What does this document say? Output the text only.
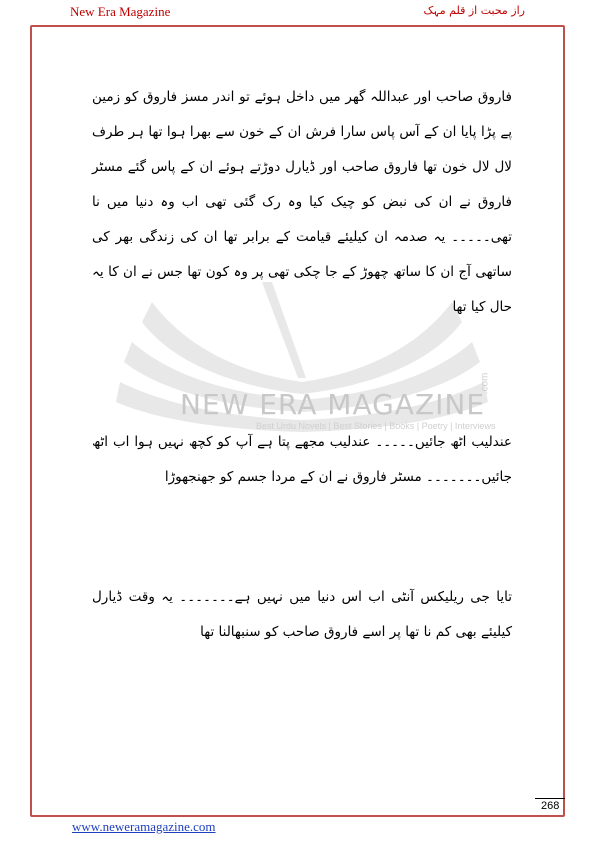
New Era Magazine	راز محبت از قلم مہک
NEW ERA MAGAZINE
Best Urdu Novels | Best Stories | Books | Poetry | Interviews
.com
فاروق صاحب اور عبداللہ گھر میں داخل ہوئے تو اندر مسز فاروق کو زمین پے پڑا پایا ان کے آس پاس سارا فرش ان کے خون سے بھرا ہوا تھا ہر طرف لال لال خون تھا فاروق صاحب اور ڈیارل دوڑتے ہوئے ان کے پاس گئے مسٹر فاروق نے ان کی نبض کو چیک کیا وہ رک گئی تھی اب وہ دنیا میں نا تھی۔۔۔۔۔ یہ صدمہ ان کیلیئے قیامت کے برابر تھا ان کی زندگی بھر کی ساتھی آج ان کا ساتھ چھوڑ کے جا چکی تھی پر وہ کون تھا جس نے ان کا یہ حال کیا تھا
عندلیب اٹھ جائیں۔۔۔۔۔ عندلیب مجھے پتا ہے آپ کو کچھ نہیں ہوا اب اٹھ جائیں۔۔۔۔۔۔۔ مسٹر فاروق نے ان کے مردا جسم کو جھنجھوڑا
تایا جی ریلیکس آنٹی اب اس دنیا میں نہیں ہے۔۔۔۔۔۔۔ یہ وقت ڈیارل کیلیئے بھی کم نا تھا پر اسے فاروق صاحب کو سنبھالنا تھا
268
www.neweramagazine.com
